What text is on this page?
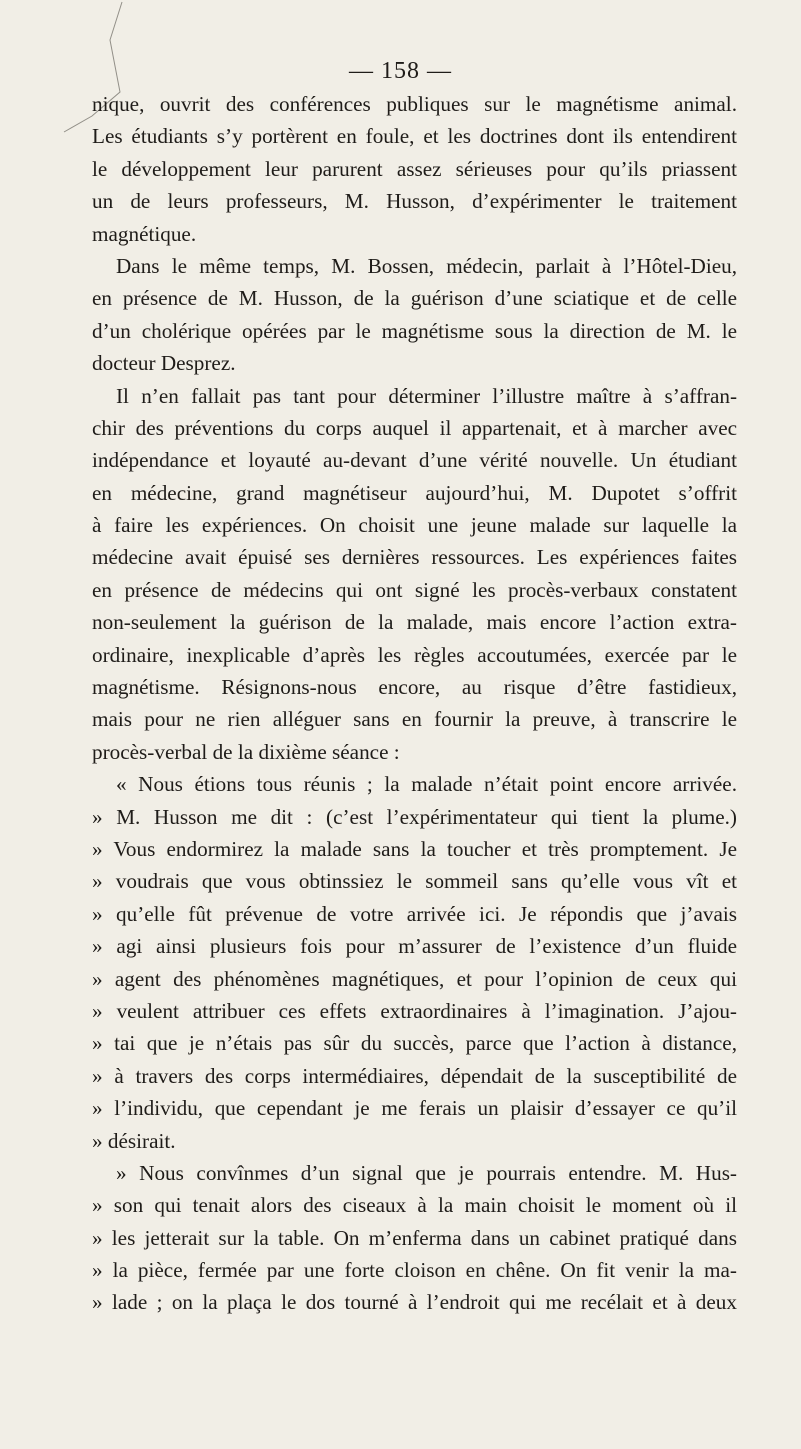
— 158 —
nique, ouvrit des conférences publiques sur le magnétisme animal.
Les étudiants s’y portèrent en foule, et les doctrines dont ils entendirent
le développement leur parurent assez sérieuses pour qu’ils priassent
un de leurs professeurs, M. Husson, d’expérimenter le traitement
magnétique.
Dans le même temps, M. Bossen, médecin, parlait à l’Hôtel-Dieu,
en présence de M. Husson, de la guérison d’une sciatique et de celle
d’un cholérique opérées par le magnétisme sous la direction de M. le
docteur Desprez.
Il n’en fallait pas tant pour déterminer l’illustre maître à s’affran-
chir des préventions du corps auquel il appartenait, et à marcher avec
indépendance et loyauté au-devant d’une vérité nouvelle. Un étudiant
en médecine, grand magnétiseur aujourd’hui, M. Dupotet s’offrit
à faire les expériences. On choisit une jeune malade sur laquelle la
médecine avait épuisé ses dernières ressources. Les expériences faites
en présence de médecins qui ont signé les procès-verbaux constatent
non-seulement la guérison de la malade, mais encore l’action extra-
ordinaire, inexplicable d’après les règles accoutumées, exercée par le
magnétisme. Résignons-nous encore, au risque d’être fastidieux,
mais pour ne rien alléguer sans en fournir la preuve, à transcrire le
procès-verbal de la dixième séance :
« Nous étions tous réunis ; la malade n’était point encore arrivée.
» M. Husson me dit : (c’est l’expérimentateur qui tient la plume.)
» Vous endormirez la malade sans la toucher et très promptement. Je
» voudrais que vous obtinssiez le sommeil sans qu’elle vous vît et
» qu’elle fût prévenue de votre arrivée ici. Je répondis que j’avais
» agi ainsi plusieurs fois pour m’assurer de l’existence d’un fluide
» agent des phénomènes magnétiques, et pour l’opinion de ceux qui
» veulent attribuer ces effets extraordinaires à l’imagination. J’ajou-
» tai que je n’étais pas sûr du succès, parce que l’action à distance,
» à travers des corps intermédiaires, dépendait de la susceptibilité de
» l’individu, que cependant je me ferais un plaisir d’essayer ce qu’il
» désirait.
» Nous convînmes d’un signal que je pourrais entendre. M. Hus-
» son qui tenait alors des ciseaux à la main choisit le moment où il
» les jetterait sur la table. On m’enferma dans un cabinet pratiqué dans
» la pièce, fermée par une forte cloison en chêne. On fit venir la ma-
» lade ; on la plaça le dos tourné à l’endroit qui me recélait et à deux
